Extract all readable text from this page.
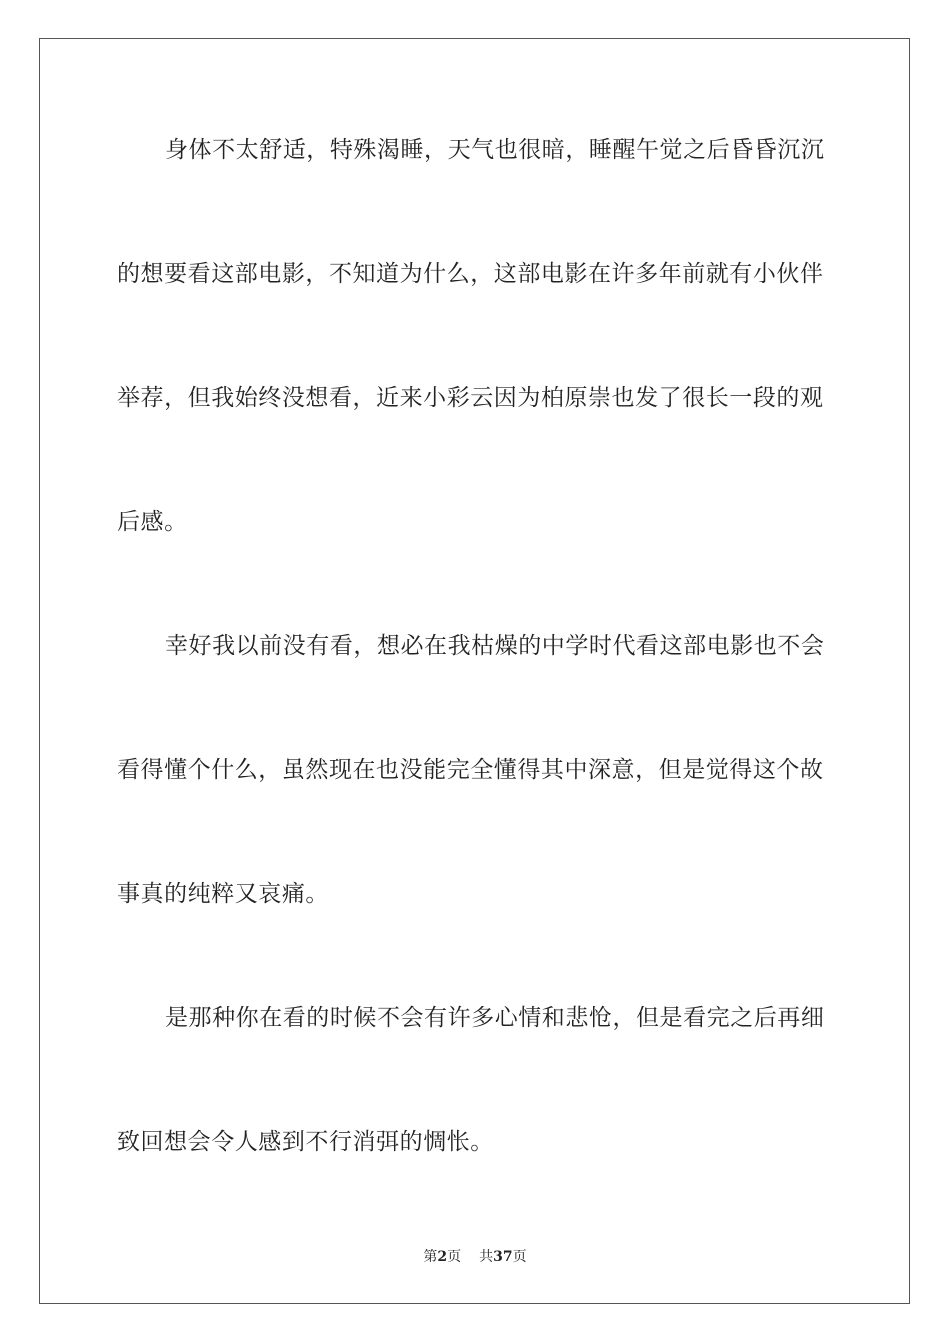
身体不太舒适，特殊渴睡，天气也很暗，睡醒午觉之后昏昏沉沉
的想要看这部电影，不知道为什么，这部电影在许多年前就有小伙伴
举荐，但我始终没想看，近来小彩云因为柏原崇也发了很长一段的观
后感。
幸好我以前没有看，想必在我枯燥的中学时代看这部电影也不会
看得懂个什么，虽然现在也没能完全懂得其中深意，但是觉得这个故
事真的纯粹又哀痛。
是那种你在看的时候不会有许多心情和悲怆，但是看完之后再细
致回想会令人感到不行消弭的惆怅。
第2页 共37页
